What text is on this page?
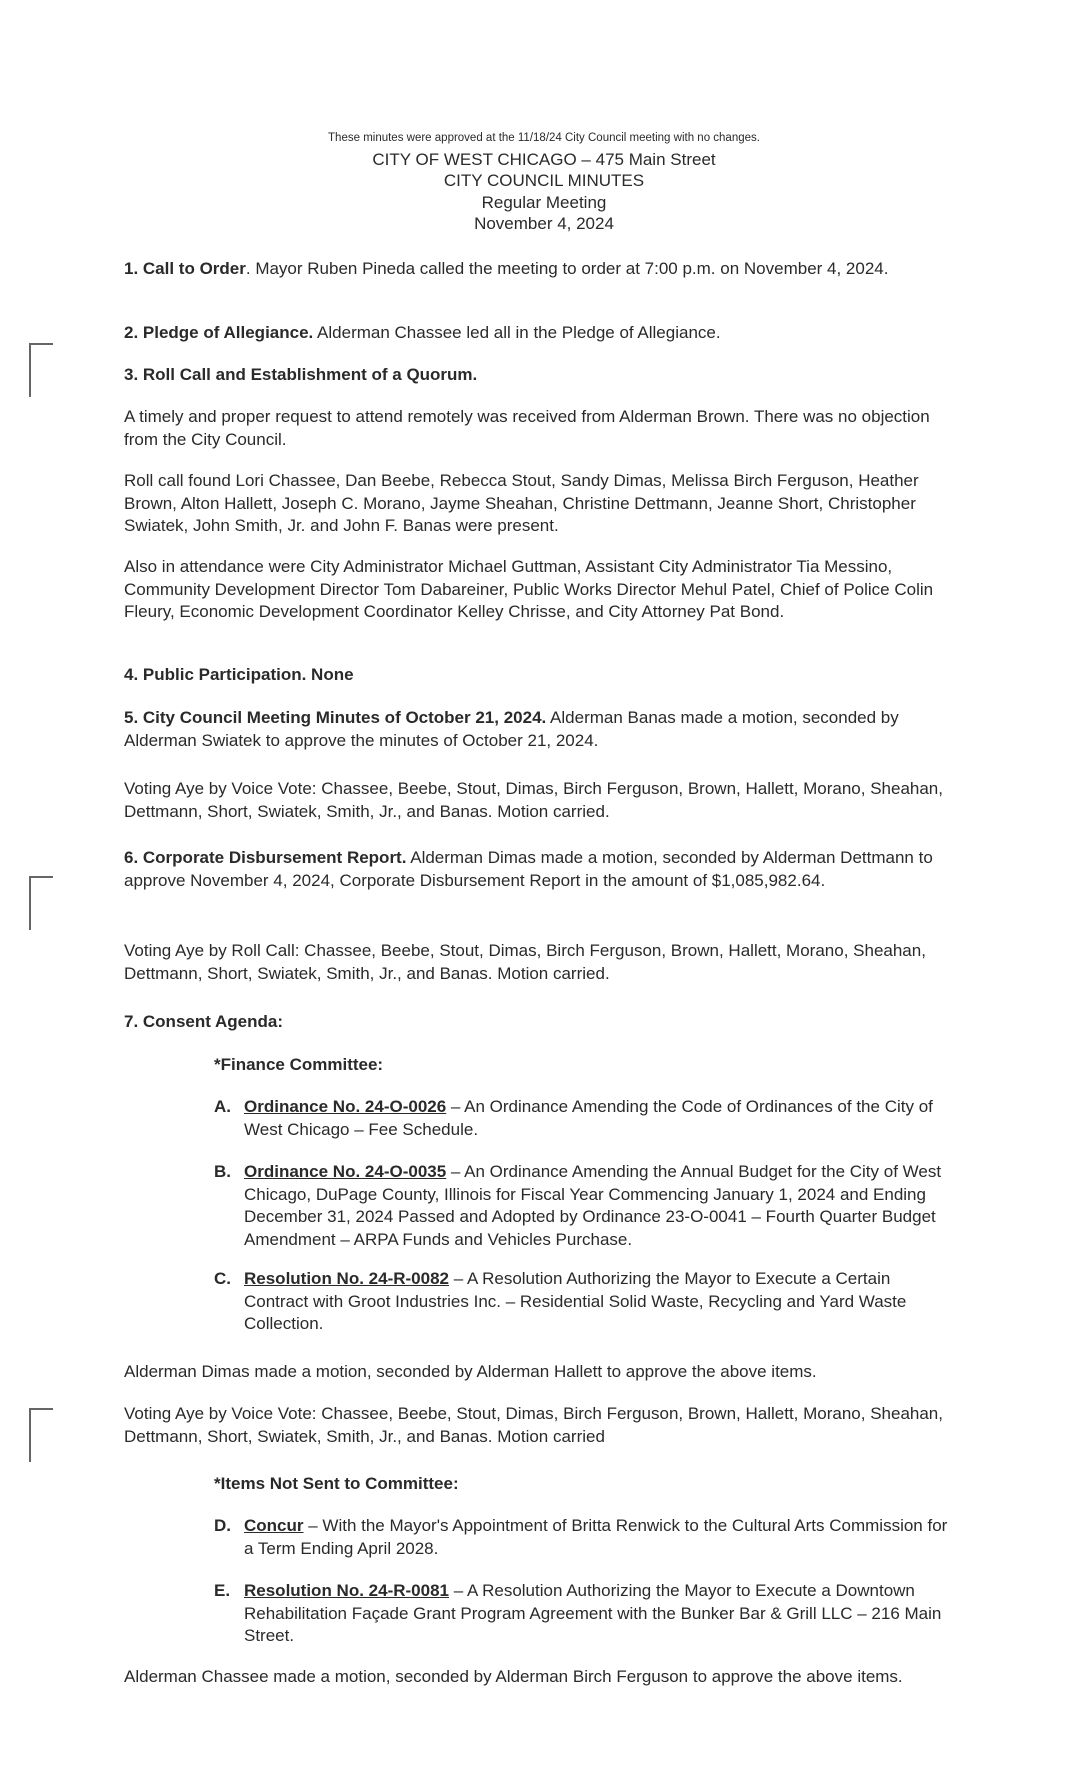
These minutes were approved at the 11/18/24 City Council meeting with no changes.
CITY OF WEST CHICAGO – 475 Main Street
CITY COUNCIL MINUTES
Regular Meeting
November 4, 2024

1. Call to Order. Mayor Ruben Pineda called the meeting to order at 7:00 p.m. on November 4, 2024.

2. Pledge of Allegiance. Alderman Chassee led all in the Pledge of Allegiance.

3. Roll Call and Establishment of a Quorum.

A timely and proper request to attend remotely was received from Alderman Brown. There was no objection from the City Council.

Roll call found Lori Chassee, Dan Beebe, Rebecca Stout, Sandy Dimas, Melissa Birch Ferguson, Heather Brown, Alton Hallett, Joseph C. Morano, Jayme Sheahan, Christine Dettmann, Jeanne Short, Christopher Swiatek, John Smith, Jr. and John F. Banas were present.

Also in attendance were City Administrator Michael Guttman, Assistant City Administrator Tia Messino, Community Development Director Tom Dabareiner, Public Works Director Mehul Patel, Chief of Police Colin Fleury, Economic Development Coordinator Kelley Chrisse, and City Attorney Pat Bond.

4. Public Participation. None

5. City Council Meeting Minutes of October 21, 2024. Alderman Banas made a motion, seconded by Alderman Swiatek to approve the minutes of October 21, 2024.

Voting Aye by Voice Vote: Chassee, Beebe, Stout, Dimas, Birch Ferguson, Brown, Hallett, Morano, Sheahan, Dettmann, Short, Swiatek, Smith, Jr., and Banas. Motion carried.

6. Corporate Disbursement Report. Alderman Dimas made a motion, seconded by Alderman Dettmann to approve November 4, 2024, Corporate Disbursement Report in the amount of $1,085,982.64.

Voting Aye by Roll Call: Chassee, Beebe, Stout, Dimas, Birch Ferguson, Brown, Hallett, Morano, Sheahan, Dettmann, Short, Swiatek, Smith, Jr., and Banas. Motion carried.

7. Consent Agenda:

*Finance Committee:

A. Ordinance No. 24-O-0026 – An Ordinance Amending the Code of Ordinances of the City of West Chicago – Fee Schedule.
B. Ordinance No. 24-O-0035 – An Ordinance Amending the Annual Budget for the City of West Chicago, DuPage County, Illinois for Fiscal Year Commencing January 1, 2024 and Ending December 31, 2024 Passed and Adopted by Ordinance 23-O-0041 – Fourth Quarter Budget Amendment – ARPA Funds and Vehicles Purchase.
C. Resolution No. 24-R-0082 – A Resolution Authorizing the Mayor to Execute a Certain Contract with Groot Industries Inc. – Residential Solid Waste, Recycling and Yard Waste Collection.

Alderman Dimas made a motion, seconded by Alderman Hallett to approve the above items.

Voting Aye by Voice Vote: Chassee, Beebe, Stout, Dimas, Birch Ferguson, Brown, Hallett, Morano, Sheahan, Dettmann, Short, Swiatek, Smith, Jr., and Banas. Motion carried

*Items Not Sent to Committee:

D. Concur – With the Mayor's Appointment of Britta Renwick to the Cultural Arts Commission for a Term Ending April 2028.
E. Resolution No. 24-R-0081 – A Resolution Authorizing the Mayor to Execute a Downtown Rehabilitation Façade Grant Program Agreement with the Bunker Bar & Grill LLC – 216 Main Street.

Alderman Chassee made a motion, seconded by Alderman Birch Ferguson to approve the above items.
